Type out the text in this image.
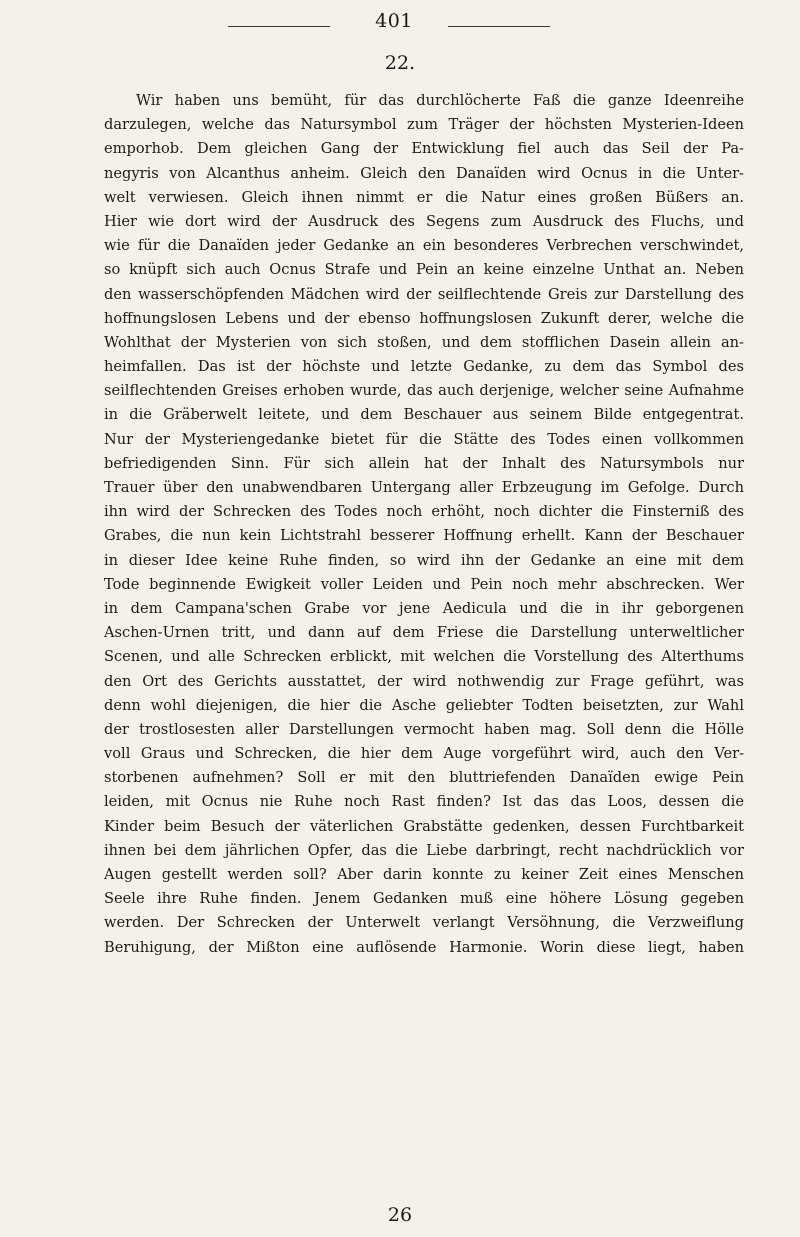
401
22.
Wir haben uns bemüht, für das durchlöcherte Faß die ganze Ideenreihe
darzulegen, welche das Natursymbol zum Träger der höchsten Mysterien-Ideen
emporhob. Dem gleichen Gang der Entwicklung fiel auch das Seil der Pa-
negyris von Alcanthus anheim. Gleich den Danaïden wird Ocnus in die Unter-
welt verwiesen. Gleich ihnen nimmt er die Natur eines großen Büßers an.
Hier wie dort wird der Ausdruck des Segens zum Ausdruck des Fluchs, und
wie für die Danaïden jeder Gedanke an ein besonderes Verbrechen verschwindet,
so knüpft sich auch Ocnus Strafe und Pein an keine einzelne Unthat an. Neben
den wasserschöpfenden Mädchen wird der seilflechtende Greis zur Darstellung des
hoffnungslosen Lebens und der ebenso hoffnungslosen Zukunft derer, welche die
Wohlthat der Mysterien von sich stoßen, und dem stofflichen Dasein allein an-
heimfallen. Das ist der höchste und letzte Gedanke, zu dem das Symbol des
seilflechtenden Greises erhoben wurde, das auch derjenige, welcher seine Aufnahme
in die Gräberwelt leitete, und dem Beschauer aus seinem Bilde entgegentrat.
Nur der Mysteriengedanke bietet für die Stätte des Todes einen vollkommen
befriedigenden Sinn. Für sich allein hat der Inhalt des Natursymbols nur
Trauer über den unabwendbaren Untergang aller Erbzeugung im Gefolge. Durch
ihn wird der Schrecken des Todes noch erhöht, noch dichter die Finsterniß des
Grabes, die nun kein Lichtstrahl besserer Hoffnung erhellt. Kann der Beschauer
in dieser Idee keine Ruhe finden, so wird ihn der Gedanke an eine mit dem
Tode beginnende Ewigkeit voller Leiden und Pein noch mehr abschrecken. Wer
in dem Campana'schen Grabe vor jene Aedicula und die in ihr geborgenen
Aschen-Urnen tritt, und dann auf dem Friese die Darstellung unterweltlicher
Scenen, und alle Schrecken erblickt, mit welchen die Vorstellung des Alterthums
den Ort des Gerichts ausstattet, der wird nothwendig zur Frage geführt, was
denn wohl diejenigen, die hier die Asche geliebter Todten beisetzten, zur Wahl
der trostlosesten aller Darstellungen vermocht haben mag. Soll denn die Hölle
voll Graus und Schrecken, die hier dem Auge vorgeführt wird, auch den Ver-
storbenen aufnehmen? Soll er mit den bluttriefenden Danaïden ewige Pein
leiden, mit Ocnus nie Ruhe noch Rast finden? Ist das das Loos, dessen die
Kinder beim Besuch der väterlichen Grabstätte gedenken, dessen Furchtbarkeit
ihnen bei dem jährlichen Opfer, das die Liebe darbringt, recht nachdrücklich vor
Augen gestellt werden soll? Aber darin konnte zu keiner Zeit eines Menschen
Seele ihre Ruhe finden. Jenem Gedanken muß eine höhere Lösung gegeben
werden. Der Schrecken der Unterwelt verlangt Versöhnung, die Verzweiflung
Beruhigung, der Mißton eine auflösende Harmonie. Worin diese liegt, haben
26
